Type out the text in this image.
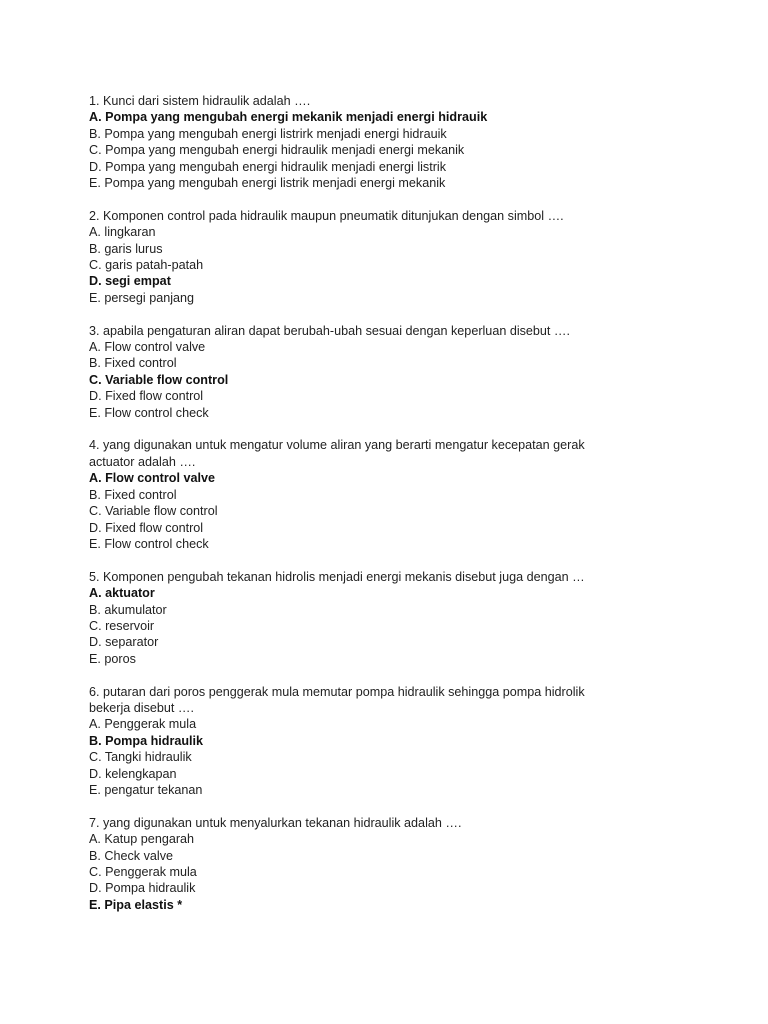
1. Kunci dari sistem hidraulik adalah ….
A. Pompa yang mengubah energi mekanik menjadi energi hidrauik
B. Pompa yang mengubah energi listrirk menjadi energi hidrauik
C. Pompa yang mengubah energi hidraulik menjadi energi mekanik
D. Pompa yang mengubah energi hidraulik menjadi energi listrik
E. Pompa yang mengubah energi listrik menjadi energi mekanik
2. Komponen control pada hidraulik maupun pneumatik ditunjukan dengan simbol ….
A. lingkaran
B. garis lurus
C. garis patah-patah
D. segi empat
E. persegi panjang
3. apabila pengaturan aliran dapat berubah-ubah sesuai dengan keperluan disebut ….
A. Flow control valve
B. Fixed control
C. Variable flow control
D. Fixed flow control
E. Flow control check
4. yang digunakan untuk mengatur volume aliran yang berarti mengatur kecepatan gerak
actuator adalah ….
A. Flow control valve
B. Fixed control
C. Variable flow control
D. Fixed flow control
E. Flow control check
5. Komponen pengubah tekanan hidrolis menjadi energi mekanis disebut juga dengan …
A. aktuator
B. akumulator
C. reservoir
D. separator
E. poros
6. putaran dari poros penggerak mula memutar pompa hidraulik sehingga pompa hidrolik
bekerja disebut ….
A. Penggerak mula
B. Pompa hidraulik
C. Tangki hidraulik
D. kelengkapan
E. pengatur tekanan
7. yang digunakan untuk menyalurkan tekanan hidraulik adalah ….
A. Katup pengarah
B. Check valve
C. Penggerak mula
D. Pompa hidraulik
E. Pipa elastis *
